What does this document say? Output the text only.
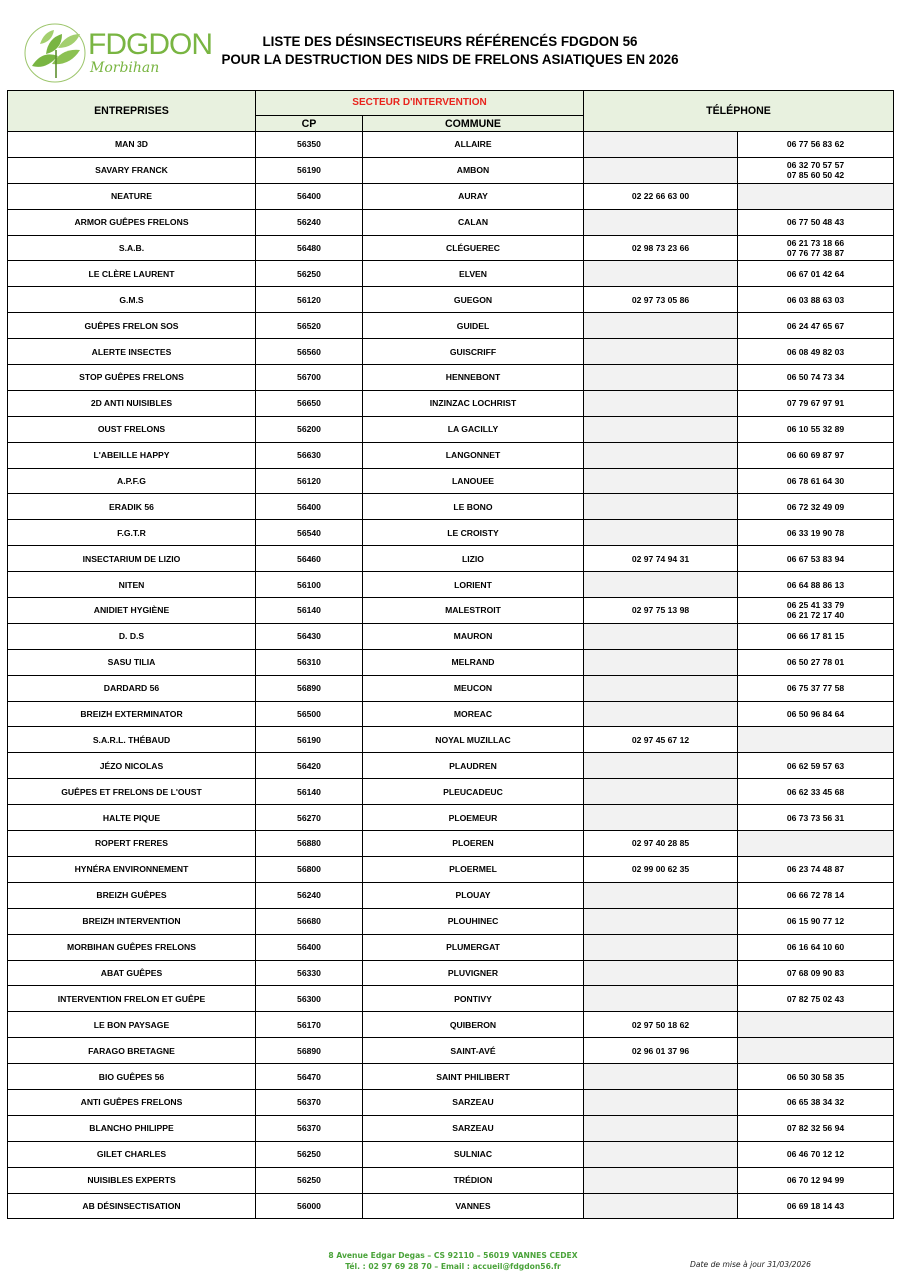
FDGDON
Morbihan
LISTE DES DÉSINSECTISEURS RÉFÉRENCÉS FDGDON 56
POUR LA DESTRUCTION DES NIDS DE FRELONS ASIATIQUES EN 2026
ENTREPRISES	SECTEUR D'INTERVENTION		TÉLÉPHONE	
	CP	COMMUNE		
MAN 3D	56350	ALLAIRE		06 77 56 83 62
SAVARY FRANCK	56190	AMBON		06 32 70 57 57
07 85 60 50 42
NEATURE	56400	AURAY	02 22 66 63 00	
ARMOR GUÊPES FRELONS	56240	CALAN		06 77 50 48 43
S.A.B.	56480	CLÉGUEREC	02 98 73 23 66	06 21 73 18 66
07 76 77 38 87
LE CLÈRE LAURENT	56250	ELVEN		06 67 01 42 64
G.M.S	56120	GUEGON	02 97 73 05 86	06 03 88 63 03
GUÊPES FRELON SOS	56520	GUIDEL		06 24 47 65 67
ALERTE INSECTES	56560	GUISCRIFF		06 08 49 82 03
STOP GUÊPES FRELONS	56700	HENNEBONT		06 50 74 73 34
2D ANTI NUISIBLES	56650	INZINZAC LOCHRIST		07 79 67 97 91
OUST FRELONS	56200	LA GACILLY		06 10 55 32 89
L'ABEILLE HAPPY	56630	LANGONNET		06 60 69 87 97
A.P.F.G	56120	LANOUEE		06 78 61 64 30
ERADIK 56	56400	LE BONO		06 72 32 49 09
F.G.T.R	56540	LE CROISTY		06 33 19 90 78
INSECTARIUM DE LIZIO	56460	LIZIO	02 97 74 94 31	06 67 53 83 94
NITEN	56100	LORIENT		06 64 88 86 13
ANIDIET HYGIÈNE	56140	MALESTROIT	02 97 75 13 98	06 25 41 33 79
06 21 72 17 40
D. D.S	56430	MAURON		06 66 17 81 15
SASU TILIA	56310	MELRAND		06 50 27 78 01
DARDARD 56	56890	MEUCON		06 75 37 77 58
BREIZH EXTERMINATOR	56500	MOREAC		06 50 96 84 64
S.A.R.L. THÉBAUD	56190	NOYAL MUZILLAC	02 97 45 67 12	
JÉZO NICOLAS	56420	PLAUDREN		06 62 59 57 63
GUÊPES ET FRELONS DE L'OUST	56140	PLEUCADEUC		06 62 33 45 68
HALTE PIQUE	56270	PLOEMEUR		06 73 73 56 31
ROPERT FRERES	56880	PLOEREN	02 97 40 28 85	
HYNÉRA ENVIRONNEMENT	56800	PLOERMEL	02 99 00 62 35	06 23 74 48 87
BREIZH GUÊPES	56240	PLOUAY		06 66 72 78 14
BREIZH INTERVENTION	56680	PLOUHINEC		06 15 90 77 12
MORBIHAN GUÊPES FRELONS	56400	PLUMERGAT		06 16 64 10 60
ABAT GUÊPES	56330	PLUVIGNER		07 68 09 90 83
INTERVENTION FRELON ET GUÊPE	56300	PONTIVY		07 82 75 02 43
LE BON PAYSAGE	56170	QUIBERON	02 97 50 18 62	
FARAGO BRETAGNE	56890	SAINT-AVÉ	02 96 01 37 96	
BIO GUÊPES 56	56470	SAINT PHILIBERT		06 50 30 58 35
ANTI GUÊPES FRELONS	56370	SARZEAU		06 65 38 34 32
BLANCHO PHILIPPE	56370	SARZEAU		07 82 32 56 94
GILET CHARLES	56250	SULNIAC		06 46 70 12 12
NUISIBLES EXPERTS	56250	TRÉDION		06 70 12 94 99
AB DÉSINSECTISATION	56000	VANNES		06 69 18 14 43
8 Avenue Edgar Degas – CS 92110 – 56019 VANNES CEDEX
Tél. : 02 97 69 28 70 – Email : accueil@fdgdon56.fr	Date de mise à jour 31/03/2026
